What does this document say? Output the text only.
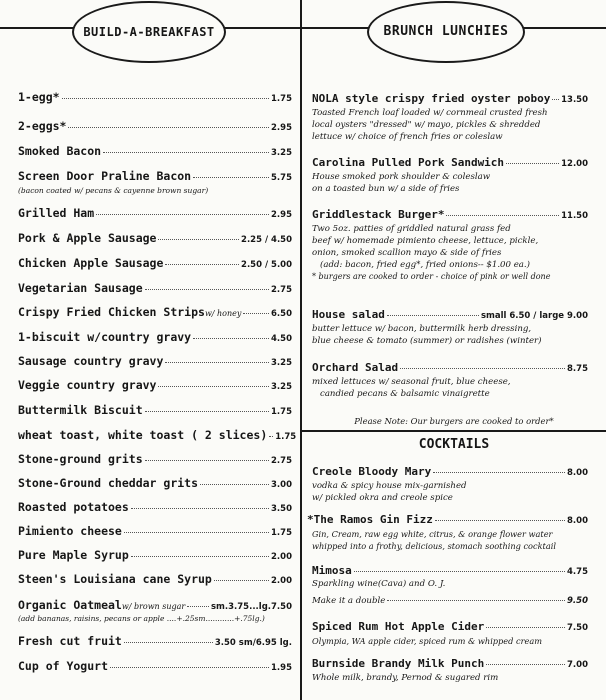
BUILD-A-BREAKFAST	BRUNCH LUNCHIES
1-egg*	1.75
2-eggs*	2.95
Smoked Bacon	3.25
Screen Door Praline Bacon	5.75
(bacon coated w/ pecans & cayenne brown sugar)
Grilled Ham	2.95
Pork & Apple Sausage	2.25 / 4.50
Chicken Apple Sausage	2.50 / 5.00
Vegetarian Sausage	2.75
Crispy Fried Chicken Strips w/ honey	6.50
1-biscuit w/country gravy	4.50
Sausage country gravy	3.25
Veggie country gravy	3.25
Buttermilk Biscuit	1.75
wheat toast, white toast ( 2 slices) 1.75
Stone-ground grits	2.75
Stone-Ground cheddar grits	3.00
Roasted potatoes	3.50
Pimiento cheese	1.75
Pure Maple Syrup	2.00
Steen's Louisiana cane Syrup	2.00
Organic Oatmeal w/ brown sugar	sm.3.75...lg.7.50
(add bananas, raisins, pecans or apple ....+.25sm............+.75lg.)
Fresh cut fruit	3.50 sm/6.95 lg.
Cup of Yogurt	1.95
NOLA style crispy fried oyster poboy 13.50
Toasted French loaf loaded w/ cornmeal crusted fresh
local oysters "dressed" w/ mayo, pickles & shredded
lettuce w/ choice of french fries or coleslaw
Carolina Pulled Pork Sandwich	12.00
House smoked pork shoulder & coleslaw
on a toasted bun w/ a side of fries
Griddlestack Burger*	11.50
Two 5oz. patties of griddled natural grass fed
beef w/ homemade pimiento cheese, lettuce, pickle,
onion, smoked scallion mayo & side of fries
(add: bacon, fried egg*, fried onions-- $1.00 ea.)
* burgers are cooked to order - choice of pink or well done
House salad	small 6.50 / large 9.00
butter lettuce w/ bacon, buttermilk herb dressing,
blue cheese & tomato (summer) or radishes (winter)
Orchard Salad	8.75
mixed lettuces w/ seasonal fruit, blue cheese,
candied pecans & balsamic vinaigrette
Please Note: Our burgers are cooked to order*
COCKTAILS
Creole Bloody Mary	8.00
vodka & spicy house mix-garnished
w/ pickled okra and creole spice
*The Ramos Gin Fizz	8.00
Gin, Cream, raw egg white, citrus, & orange flower water
whipped into a frothy, delicious, stomach soothing cocktail
Mimosa	4.75
Sparkling wine(Cava) and O. J.
Make it a double	9.50
Spiced Rum Hot Apple Cider	7.50
Olympia, WA apple cider, spiced rum & whipped cream
Burnside Brandy Milk Punch	7.00
Whole milk, brandy, Pernod & sugared rim
